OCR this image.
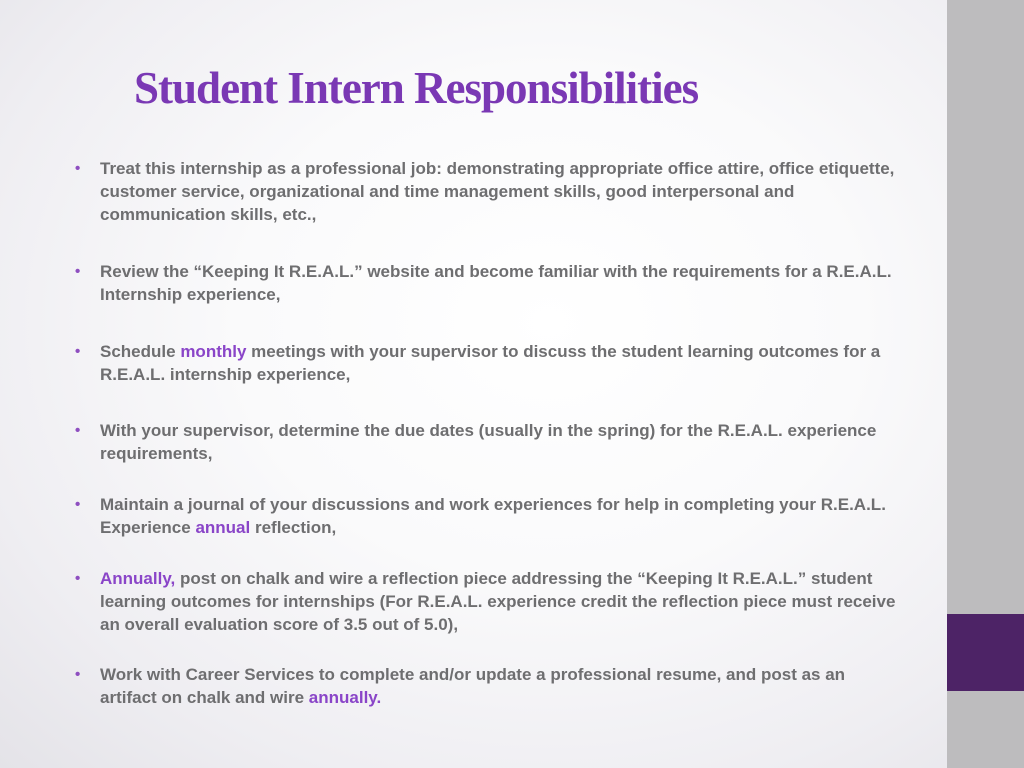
Student Intern Responsibilities
• Treat this internship as a professional job: demonstrating appropriate office attire, office etiquette, customer service, organizational and time management skills, good interpersonal and communication skills, etc.,
• Review the “Keeping It R.E.A.L.” website and become familiar with the requirements for a R.E.A.L. Internship experience,
• Schedule monthly meetings with your supervisor to discuss the student learning outcomes for a R.E.A.L. internship experience,
• With your supervisor, determine the due dates (usually in the spring) for the R.E.A.L. experience requirements,
• Maintain a journal of your discussions and work experiences for help in completing your R.E.A.L. Experience annual reflection,
• Annually, post on chalk and wire a reflection piece addressing the “Keeping It R.E.A.L.” student learning outcomes for internships (For R.E.A.L. experience credit the reflection piece must receive an overall evaluation score of 3.5 out of 5.0),
• Work with Career Services to complete and/or update a professional resume, and post as an artifact on chalk and wire annually.
